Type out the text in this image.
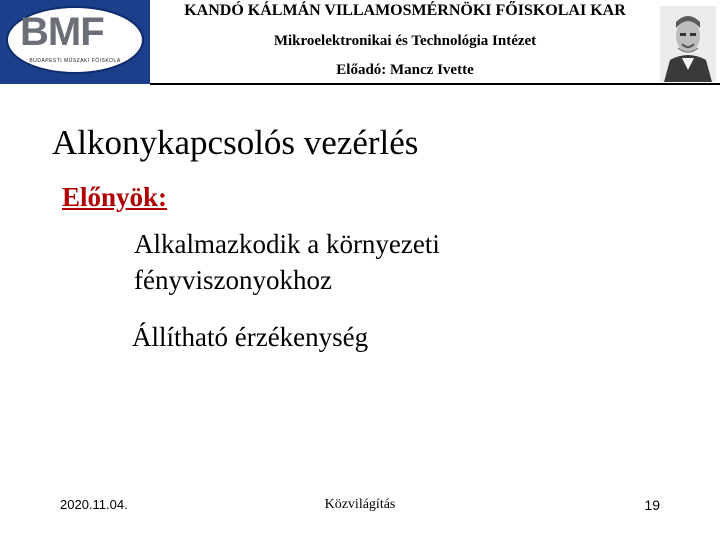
BMF
BUDAPESTI MŰSZAKI FŐISKOLA
KANDÓ KÁLMÁN VILLAMOSMÉRNÖKI FŐISKOLAI KAR
Mikroelektronikai és Technológia Intézet
Előadó: Mancz Ivette
Alkonykapcsolós vezérlés
Előnyök:
Alkalmazkodik a környezeti fényviszonyokhoz
Állítható érzékenység
2020.11.04.	Közvilágítás	19
